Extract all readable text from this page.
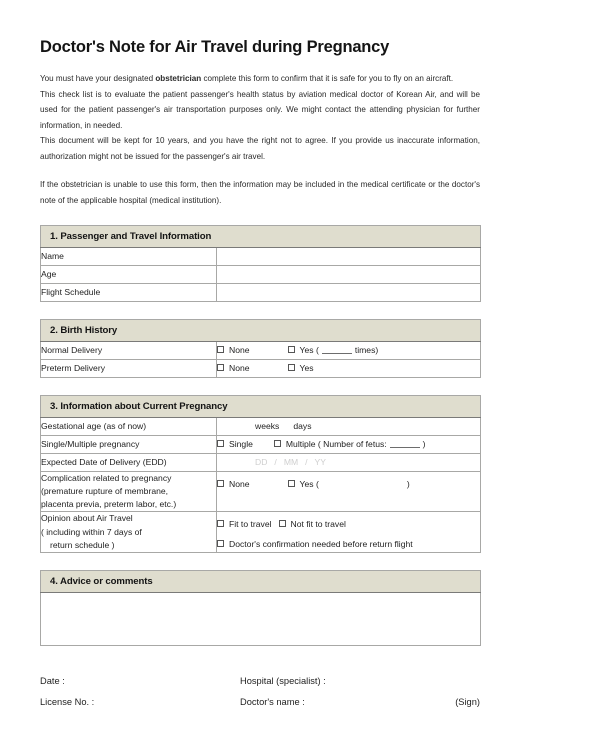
Doctor's Note for Air Travel during Pregnancy

You must have your designated obstetrician complete this form to confirm that it is safe for you to fly on an aircraft.

This check list is to evaluate the patient passenger's health status by aviation medical doctor of Korean Air, and will be used for the patient passenger's air transportation purposes only. We might contact the attending physician for further information, in needed.

This document will be kept for 10 years, and you have the right not to agree. If you provide us inaccurate information, authorization might not be issued for the passenger's air travel.

If the obstetrician is unable to use this form, then the information may be included in the medical certificate or the doctor's note of the applicable hospital (medical institution).

1. Passenger and Travel Information	
Name	
Age	
Flight Schedule	
2. Birth History	
Normal Delivery	None Yes ( times)
Preterm Delivery	None Yes
3. Information about Current Pregnancy	
Gestational age (as of now)	weeks days
Single/Multiple pregnancy	Single Multiple ( Number of fetus: )
Expected Date of Delivery (EDD)	DD / MM / YY

Complication related to pregnancy
(premature rupture of membrane,
placenta previa, preterm labor, etc.)	None Yes ( )

Opinion about Air Travel
( including within 7 days of
return schedule )

Fit to travel Not fit to travel
Doctor's confirmation needed before return flight
4. Advice or comments

Date :	Hospital (specialist) :
License No. :	Doctor's name :	(Sign)
